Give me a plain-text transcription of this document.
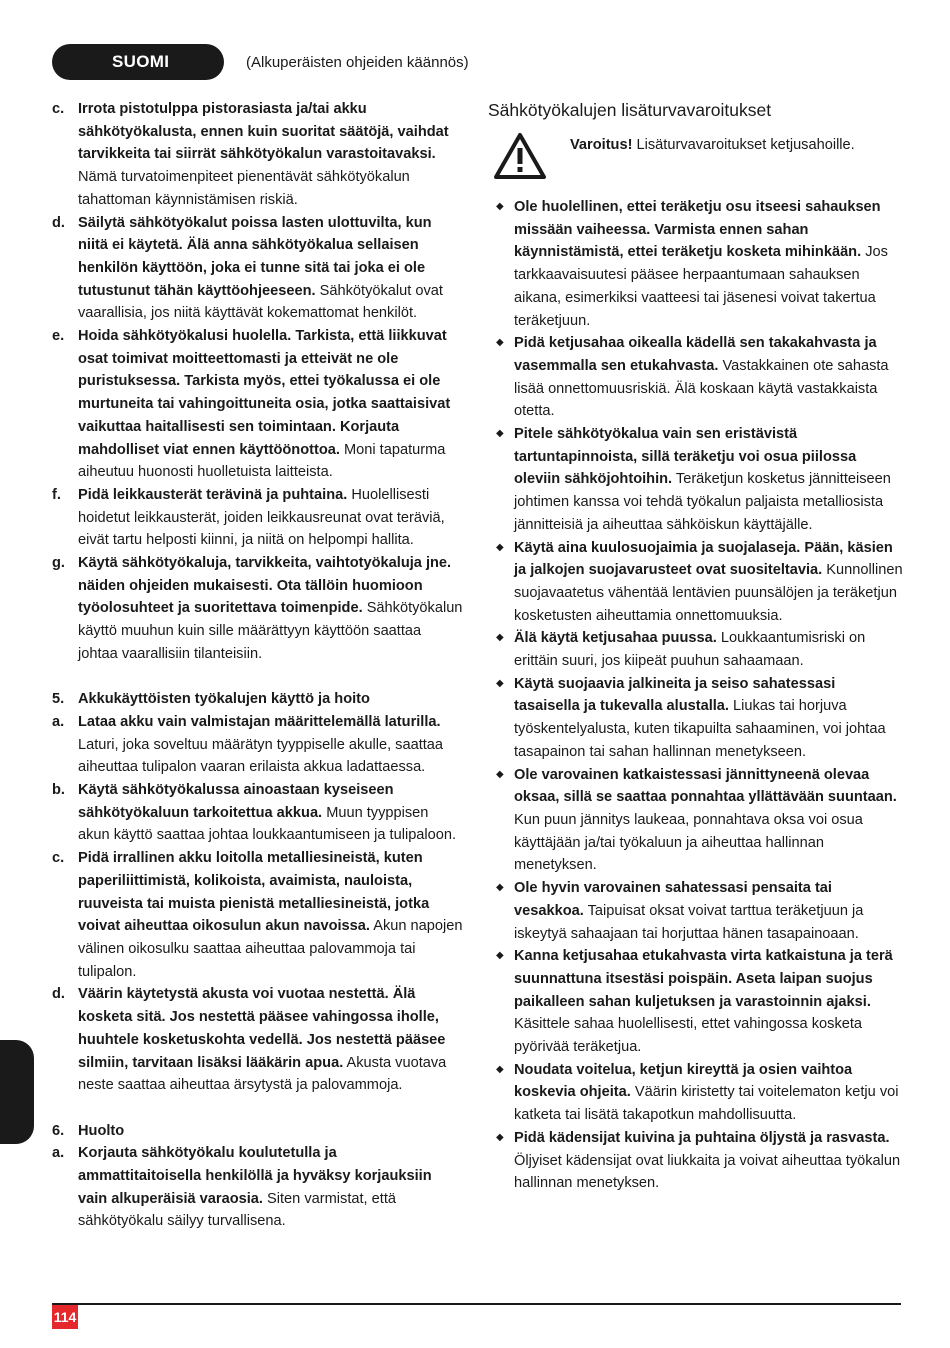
SUOMI	(Alkuperäisten ohjeiden käännös)
c. Irrota pistotulppa pistorasiasta ja/tai akku sähkötyökalusta, ennen kuin suoritat säätöjä, vaihdat tarvikkeita tai siirrät sähkötyökalun varastoitavaksi. Nämä turvatoimenpiteet pienentävät sähkötyökalun tahattoman käynnistämisen riskiä.
d. Säilytä sähkötyökalut poissa lasten ulottuvilta, kun niitä ei käytetä. Älä anna sähkötyökalua sellaisen henkilön käyttöön, joka ei tunne sitä tai joka ei ole tutustunut tähän käyttöohjeeseen. Sähkötyökalut ovat vaarallisia, jos niitä käyttävät kokemattomat henkilöt.
e. Hoida sähkötyökalusi huolella. Tarkista, että liikkuvat osat toimivat moitteettomasti ja etteivät ne ole puristuksessa. Tarkista myös, ettei työkalussa ei ole murtuneita tai vahingoittuneita osia, jotka saattaisivat vaikuttaa haitallisesti sen toimintaan. Korjauta mahdolliset viat ennen käyttöönottoa. Moni tapaturma aiheutuu huonosti huolletuista laitteista.
f.	Pidä leikkausterät terävinä ja puhtaina. Huolellisesti hoidetut leikkausterät, joiden leikkausreunat ovat teräviä, eivät tartu helposti kiinni, ja niitä on helpompi hallita.
g. Käytä sähkötyökaluja, tarvikkeita, vaihtotyökaluja jne. näiden ohjeiden mukaisesti. Ota tällöin huomioon työolosuhteet ja suoritettava toimenpide. Sähkötyökalun käyttö muuhun kuin sille määrättyyn käyttöön saattaa johtaa vaarallisiin tilanteisiin.
5. Akkukäyttöisten työkalujen käyttö ja hoito
a. Lataa akku vain valmistajan määrittelemällä laturilla. Laturi, joka soveltuu määrätyn tyyppiselle akulle, saattaa aiheuttaa tulipalon vaaran erilaista akkua ladattaessa.
b. Käytä sähkötyökalussa ainoastaan kyseiseen sähkötyökaluun tarkoitettua akkua. Muun tyyppisen akun käyttö saattaa johtaa loukkaantumiseen ja tulipaloon.
c. Pidä irrallinen akku loitolla metalliesineistä, kuten paperiliittimistä, kolikoista, avaimista, nauloista, ruuveista tai muista pienistä metalliesineistä, jotka voivat aiheuttaa oikosulun akun navoissa. Akun napojen välinen oikosulku saattaa aiheuttaa palovammoja tai tulipalon.
d. Väärin käytetystä akusta voi vuotaa nestettä. Älä kosketa sitä. Jos nestettä pääsee vahingossa iholle, huuhtele kosketuskohta vedellä. Jos nestettä pääsee silmiin, tarvitaan lisäksi lääkärin apua. Akusta vuotava neste saattaa aiheuttaa ärsytystä ja palovammoja.
6. Huolto
a. Korjauta sähkötyökalu koulutetulla ja ammattitaitoisella henkilöllä ja hyväksy korjauksiin vain alkuperäisiä varaosia. Siten varmistat, että sähkötyökalu säilyy turvallisena.
Sähkötyökalujen lisäturvavaroitukset
Varoitus! Lisäturvavaroitukset ketjusahoille.
◆ Ole huolellinen, ettei teräketju osu itseesi sahauksen missään vaiheessa. Varmista ennen sahan käynnistämistä, ettei teräketju kosketa mihinkään. Jos tarkkaavaisuutesi pääsee herpaantumaan sahauksen aikana, esimerkiksi vaatteesi tai jäsenesi voivat takertua teräketjuun.
◆ Pidä ketjusahaa oikealla kädellä sen takakahvasta ja vasemmalla sen etukahvasta. Vastakkainen ote sahasta lisää onnettomuusriskiä. Älä koskaan käytä vastakkaista otetta.
◆ Pitele sähkötyökalua vain sen eristävistä tartuntapinnoista, sillä teräketju voi osua piilossa oleviin sähköjohtoihin. Teräketjun kosketus jännitteiseen johtimen kanssa voi tehdä työkalun paljaista metalliosista jännitteisiä ja aiheuttaa sähköiskun käyttäjälle.
◆ Käytä aina kuulosuojaimia ja suojalaseja. Pään, käsien ja jalkojen suojavarusteet ovat suositeltavia. Kunnollinen suojavaatetus vähentää lentävien puunsälöjen ja teräketjun kosketusten aiheuttamia onnettomuuksia.
◆ Älä käytä ketjusahaa puussa. Loukkaantumisriski on erittäin suuri, jos kiipeät puuhun sahaamaan.
◆ Käytä suojaavia jalkineita ja seiso sahatessasi tasaisella ja tukevalla alustalla. Liukas tai horjuva työskentelyalusta, kuten tikapuilta sahaaminen, voi johtaa tasapainon tai sahan hallinnan menetykseen.
◆ Ole varovainen katkaistessasi jännittyneenä olevaa oksaa, sillä se saattaa ponnahtaa yllättävään suuntaan. Kun puun jännitys laukeaa, ponnahtava oksa voi osua käyttäjään ja/tai työkaluun ja aiheuttaa hallinnan menetyksen.
◆ Ole hyvin varovainen sahatessasi pensaita tai vesakkoa. Taipuisat oksat voivat tarttua teräketjuun ja iskeytyä sahaajaan tai horjuttaa hänen tasapainoaan.
◆ Kanna ketjusahaa etukahvasta virta katkaistuna ja terä suunnattuna itsestäsi poispäin. Aseta laipan suojus paikalleen sahan kuljetuksen ja varastoinnin ajaksi. Käsittele sahaa huolellisesti, ettet vahingossa kosketa pyörivää teräketjua.
◆ Noudata voitelua, ketjun kireyttä ja osien vaihtoa koskevia ohjeita. Väärin kiristetty tai voitelematon ketju voi katketa tai lisätä takapotkun mahdollisuutta.
◆ Pidä kädensijat kuivina ja puhtaina öljystä ja rasvasta. Öljyiset kädensijat ovat liukkaita ja voivat aiheuttaa työkalun hallinnan menetyksen.
114
